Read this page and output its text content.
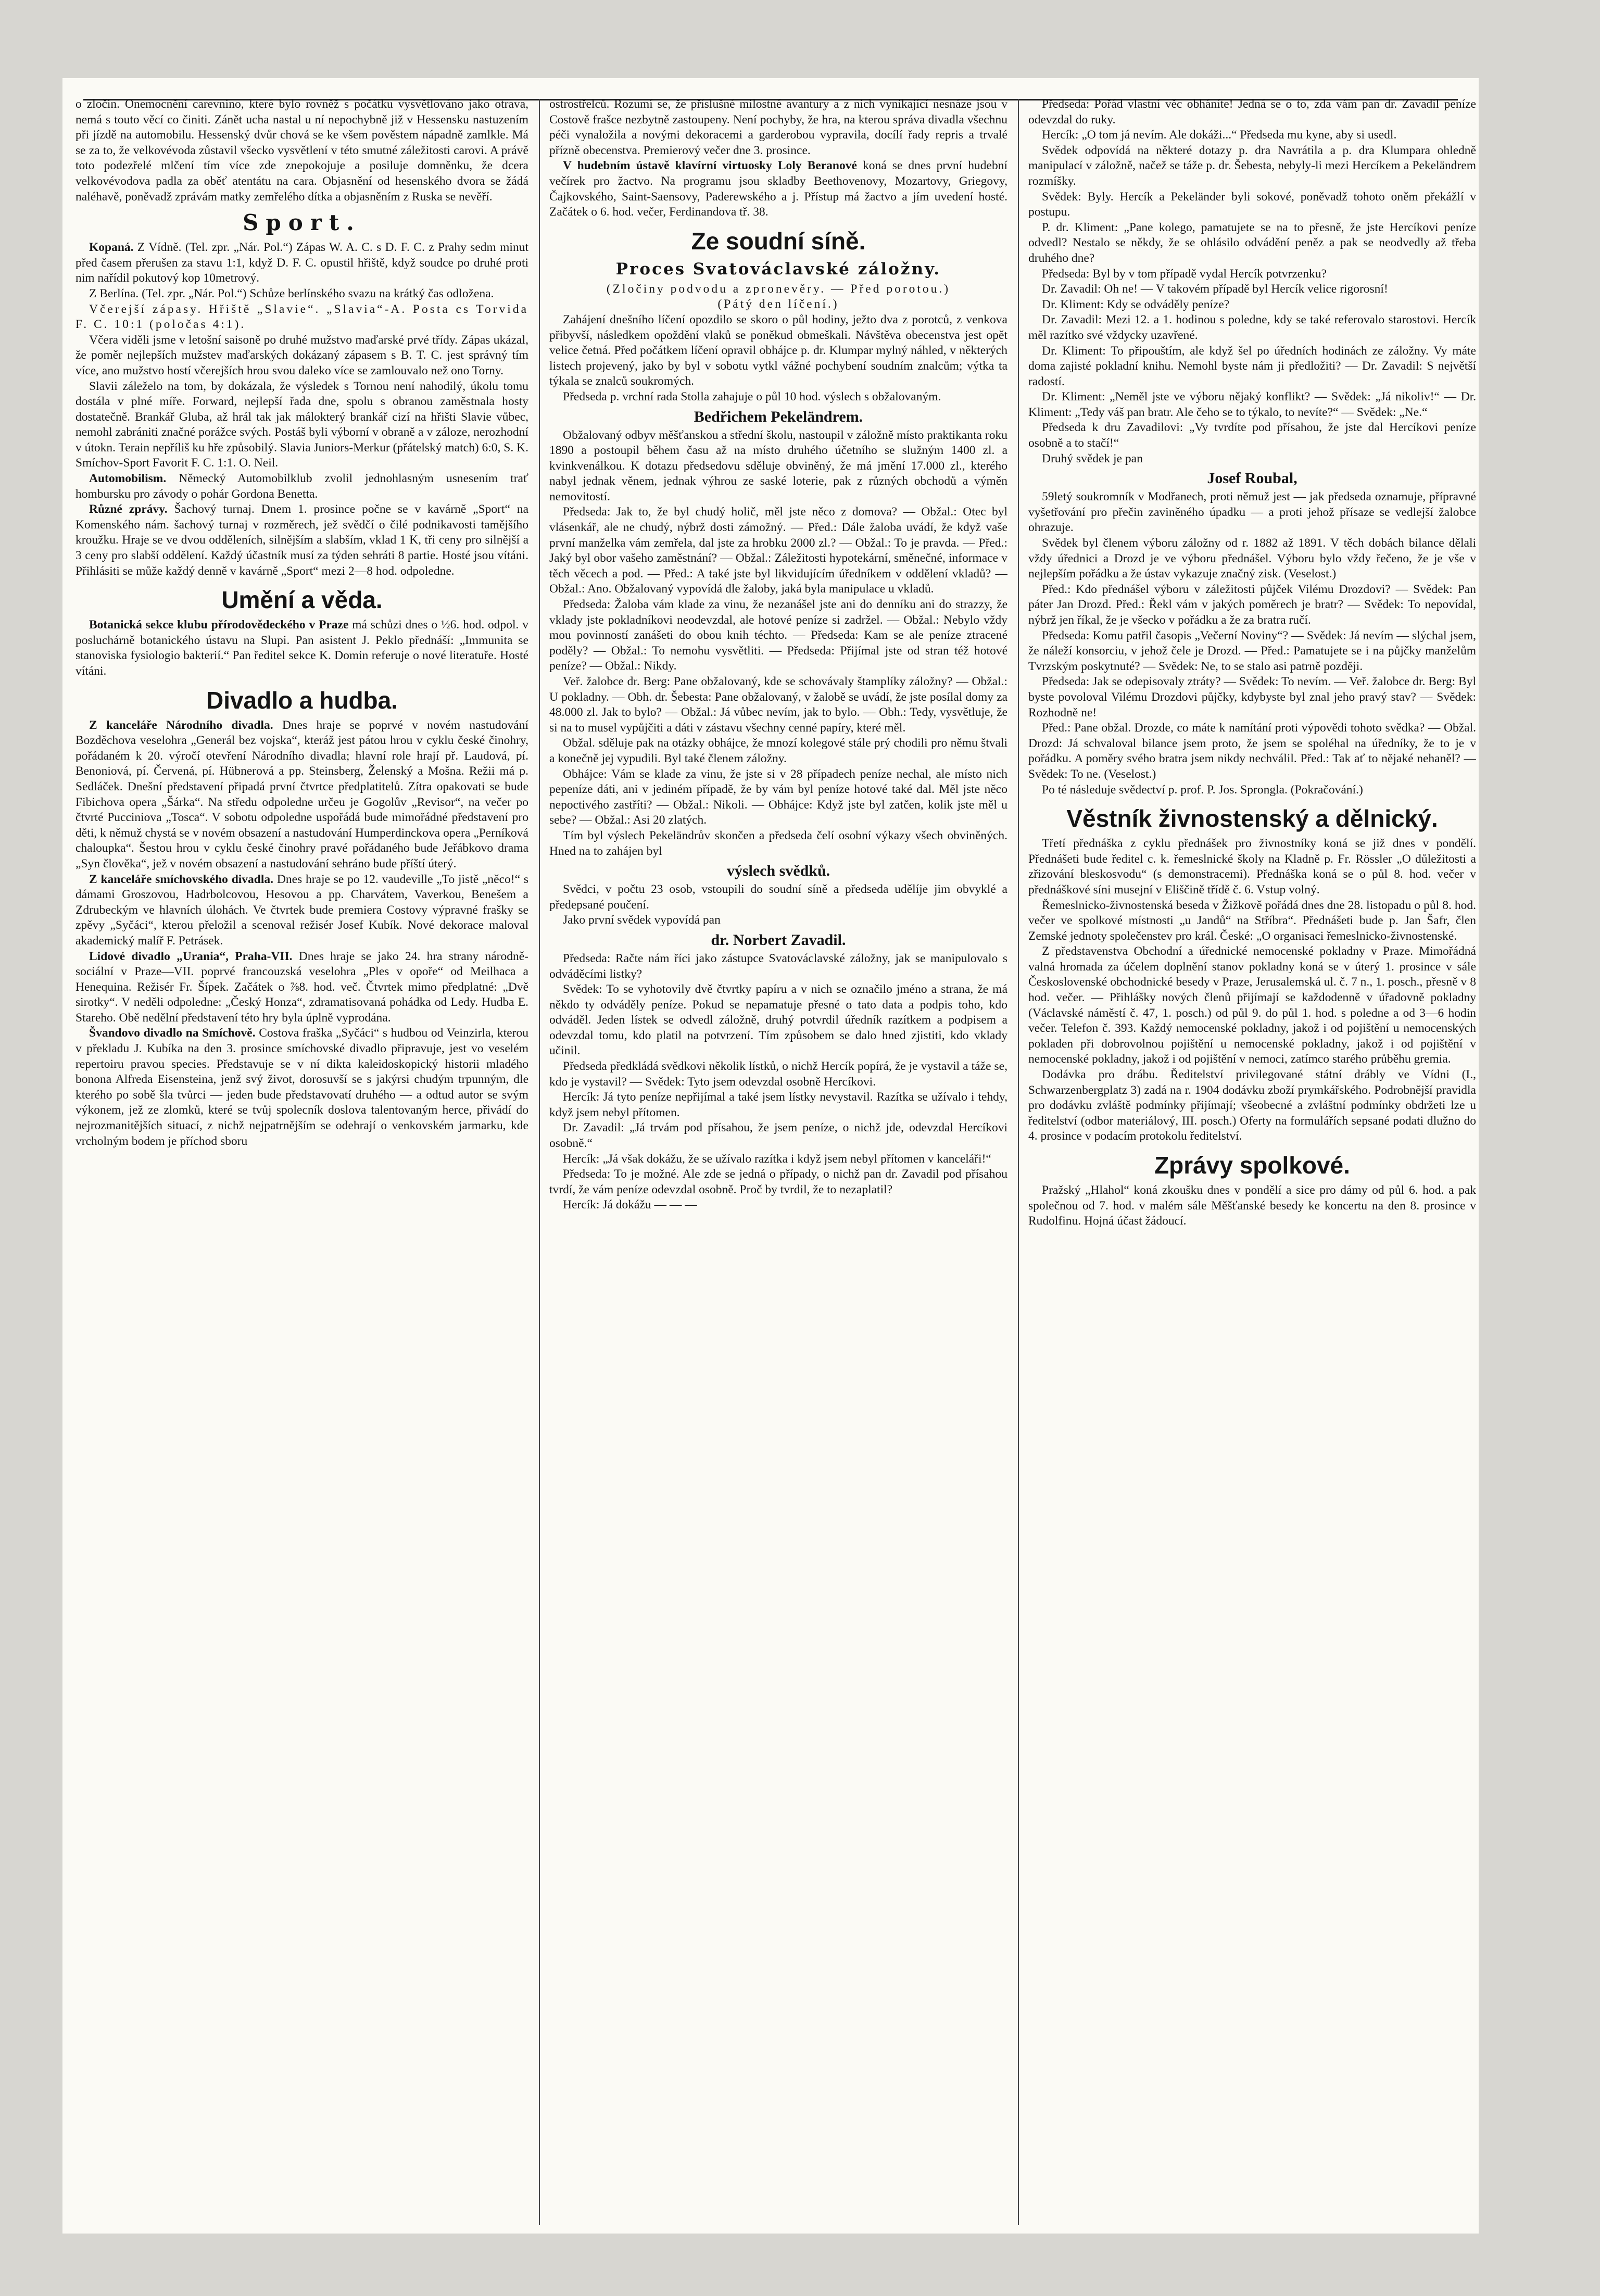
o zločin. Onemocnění carevnino, které bylo rovněž s počátku vysvětlováno jako otrava, nemá s touto věcí co činiti. Zánět ucha nastal u ní nepochybně již v Hessensku nastuzením při jízdě na automobilu. Hessenský dvůr chová se ke všem pověstem nápadně zamlkle. Má se za to, že velkovévoda zůstavil všecko vysvětlení v této smutné záležitosti carovi. A právě toto podezřelé mlčení tím více zde znepokojuje a posiluje domněnku, že dcera velkovévodova padla za oběť atentátu na cara. Objasnění od hesenského dvora se žádá naléhavě, poněvadž zprávám matky zemřelého dítka a objasněním z Ruska se nevěří.

Sport.

Kopaná. Z Vídně. (Tel. zpr. „Nár. Pol.“) Zápas W. A. C. s D. F. C. z Prahy sedm minut před časem přerušen za stavu 1:1, když D. F. C. opustil hřiště, když soudce po druhé proti nim nařídil pokutový kop 10metrový.

Z Berlína. (Tel. zpr. „Nár. Pol.“) Schůze berlínského svazu na krátký čas odložena.

Včerejší zápasy. Hřiště „Slavie“. „Slavia“-A. Posta cs Torvida F. C. 10:1 (poločas 4:1).

Včera viděli jsme v letošní saisoně po druhé mužstvo maďarské prvé třídy. Zápas ukázal, že poměr nejlepších mužstev maďarských dokázaný zápasem s B. T. C. jest správný tím více, ano mužstvo hostí včerejších hrou svou daleko více se zamlouvalo než ono Torny.

Slavii záleželo na tom, by dokázala, že výsledek s Tornou není nahodilý, úkolu tomu dostála v plné míře. Forward, nejlepší řada dne, spolu s obranou zaměstnala hosty dostatečně. Brankář Gluba, až hrál tak jak málokterý brankář cizí na hřišti Slavie vůbec, nemohl zabrániti značné porážce svých. Postáš byli výborní v obraně a v záloze, nerozhodní v útokn. Terain nepříliš ku hře způsobilý. Slavia Juniors-Merkur (přátelský match) 6:0, S. K. Smíchov-Sport Favorit F. C. 1:1. O. Neil.

Automobilism. Německý Automobilklub zvolil jednohlasným usnesením trať hombursku pro závody o pohár Gordona Benetta.

Různé zprávy. Šachový turnaj. Dnem 1. prosince počne se v kavárně „Sport“ na Komenského nám. šachový turnaj v rozměrech, jež svědčí o čilé podnikavosti tamějšího kroužku. Hraje se ve dvou odděleních, silnějším a slabším, vklad 1 K, tři ceny pro silnější a 3 ceny pro slabší oddělení. Každý účastník musí za týden sehráti 8 partie. Hosté jsou vítáni. Přihlásiti se může každý denně v kavárně „Sport“ mezi 2—8 hod. odpoledne.

Umění a věda.

Botanická sekce klubu přírodovědeckého v Praze má schůzi dnes o ½6. hod. odpol. v posluchárně botanického ústavu na Slupi. Pan asistent J. Peklo přednáší: „Immunita se stanoviska fysiologio bakterií.“ Pan ředitel sekce K. Domin referuje o nové literatuře. Hosté vítáni.

Divadlo a hudba.

Z kanceláře Národního divadla. Dnes hraje se poprvé v novém nastudování Bozděchova veselohra „Generál bez vojska“, kteráž jest pátou hrou v cyklu české činohry, pořádaném k 20. výročí otevření Národního divadla; hlavní role hrají př. Laudová, pí. Benoniová, pí. Červená, pí. Hübnerová a pp. Steinsberg, Želenský a Mošna. Režii má p. Sedláček. Dnešní představení připadá první čtvrtce předplatitelů. Zítra opakovati se bude Fibichova opera „Šárka“. Na středu odpoledne určeu je Gogolův „Revisor“, na večer po čtvrté Pucciniova „Tosca“. V sobotu odpoledne uspořádá bude mimořádné představení pro děti, k němuž chystá se v novém obsazení a nastudování Humperdinckova opera „Perníková chaloupka“. Šestou hrou v cyklu české činohry pravé pořádaného bude Jeřábkovo drama „Syn člověka“, jež v novém obsazení a nastudování sehráno bude příští úterý.

Z kanceláře smíchovského divadla. Dnes hraje se po 12. vaudeville „To jistě „něco!“ s dámami Groszovou, Hadrbolcovou, Hesovou a pp. Charvátem, Vaverkou, Benešem a Zdrubeckým ve hlavních úlohách. Ve čtvrtek bude premiera Costovy výpravné frašky se zpěvy „Syčáci“, kterou přeložil a scenoval režisér Josef Kubík. Nové dekorace maloval akademický malíř F. Petrásek.

Lidové divadlo „Urania“, Praha-VII. Dnes hraje se jako 24. hra strany národně-sociální v Praze—VII. poprvé francouzská veselohra „Ples v opoře“ od Meilhaca a Henequina. Režisér Fr. Šípek. Začátek o ⅞8. hod. več. Čtvrtek mimo předplatné: „Dvě sirotky“. V neděli odpoledne: „Český Honza“, zdramatisovaná pohádka od Ledy. Hudba E. Stareho. Obě nedělní představení této hry byla úplně vyprodána.

Švandovo divadlo na Smíchově. Costova fraška „Syčáci“ s hudbou od Veinzirla, kterou v překladu J. Kubíka na den 3. prosince smíchovské divadlo připravuje, jest vo veselém repertoiru pravou species. Představuje se v ní dikta kaleidoskopický historii mladého bonona Alfreda Eisensteina, jenž svý život, dorosuvší se s jakýrsi chudým trpunným, dle kterého po sobě šla tvůrci — jeden bude představovatí druhého — a odtud autor se svým výkonem, jež ze zlomků, které se tvůj spolecník doslova talentovaným herce, přivádí do nejrozmanitějších situací, z nichž nejpatrnějším se odehrají o venkovském jarmarku, kde vrcholným bodem je příchod sboru

ostrostřelců. Rozumí se, že příslušné milostné avantury a z nich vynikající nesnáze jsou v Costově frašce nezbytně zastoupeny. Není pochyby, že hra, na kterou správa divadla všechnu péči vynaložila a novými dekoracemi a garderobou vypravila, docílí řady repris a trvalé přízně obecenstva. Premierový večer dne 3. prosince.

V hudebním ústavě klavírní virtuosky Loly Beranové koná se dnes první hudební večírek pro žactvo. Na programu jsou skladby Beethovenovy, Mozartovy, Griegovy, Čajkovského, Saint-Saensovy, Paderewského a j. Přístup má žactvo a jím uvedení hosté. Začátek o 6. hod. večer, Ferdinandova tř. 38.

Ze soudní síně.
Proces Svatováclavské záložny.

(Zločiny podvodu a zpronevěry. — Před porotou.)

(Pátý den líčení.)

Zahájení dnešního líčení opozdilo se skoro o půl hodiny, ježto dva z porotců, z venkova přibyvší, následkem opoždění vlaků se poněkud obmeškali. Návštěva obecenstva jest opět velice četná. Před počátkem líčení opravil obhájce p. dr. Klumpar mylný náhled, v některých listech projevený, jako by byl v sobotu vytkl vážné pochybení soudním znalcům; výtka ta týkala se znalců soukromých.

Předseda p. vrchní rada Stolla zahajuje o půl 10 hod. výslech s obžalovaným.

Bedřichem Pekeländrem.

Obžalovaný odbyv měšťanskou a střední školu, nastoupil v záložně místo praktikanta roku 1890 a postoupil během času až na místo druhého účetního se služným 1400 zl. a kvinkvenálkou. K dotazu předsedovu sděluje obviněný, že má jmění 17.000 zl., kterého nabyl jednak věnem, jednak výhrou ze saské loterie, pak z různých obchodů a výměn nemovitostí.

Předseda: Jak to, že byl chudý holič, měl jste něco z domova? — Obžal.: Otec byl vlásenkář, ale ne chudý, nýbrž dosti zámožný. — Před.: Dále žaloba uvádí, že když vaše první manželka vám zemřela, dal jste za hrobku 2000 zl.? — Obžal.: To je pravda. — Před.: Jaký byl obor vašeho zaměstnání? — Obžal.: Záležitosti hypotekární, směnečné, informace v těch věcech a pod. — Před.: A také jste byl likvidujícím úředníkem v oddělení vkladů? — Obžal.: Ano. Obžalovaný vypovídá dle žaloby, jaká byla manipulace u vkladů.

Předseda: Žaloba vám klade za vinu, že nezanášel jste ani do denníku ani do strazzy, že vklady jste pokladníkovi neodevzdal, ale hotové peníze si zadržel. — Obžal.: Nebylo vždy mou povinností zanášeti do obou knih téchto. — Předseda: Kam se ale peníze ztracené poděly? — Obžal.: To nemohu vysvětliti. — Předseda: Přijímal jste od stran též hotové peníze? — Obžal.: Nikdy.

Veř. žalobce dr. Berg: Pane obžalovaný, kde se schovávaly štamplíky záložny? — Obžal.: U pokladny. — Obh. dr. Šebesta: Pane obžalovaný, v žalobě se uvádí, že jste posílal domy za 48.000 zl. Jak to bylo? — Obžal.: Já vůbec nevím, jak to bylo. — Obh.: Tedy, vysvětluje, že si na to musel vypůjčiti a dáti v zástavu všechny cenné papíry, které měl.

Obžal. sděluje pak na otázky obhájce, že mnozí kolegové stále prý chodili pro němu štvali a konečně jej vypudili. Byl také členem záložny.

Obhájce: Vám se klade za vinu, že jste si v 28 případech peníze nechal, ale místo nich pepeníze dáti, ani v jediném případě, že by vám byl peníze hotové také dal. Měl jste něco nepoctivého zastříti? — Obžal.: Nikoli. — Obhájce: Když jste byl zatčen, kolik jste měl u sebe? — Obžal.: Asi 20 zlatých.

Tím byl výslech Pekeländrův skončen a předseda čelí osobní výkazy všech obviněných. Hned na to zahájen byl

výslech svědků.

Svědci, v počtu 23 osob, vstoupili do soudní síně a předseda udělíje jim obvyklé a předepsané poučení.

Jako první svědek vypovídá pan

dr. Norbert Zavadil.

Předseda: Račte nám říci jako zástupce Svatováclavské záložny, jak se manipulovalo s odváděcími listky?

Svědek: To se vyhotovily dvě čtvrtky papíru a v nich se označilo jméno a strana, že má někdo ty odváděly peníze. Pokud se nepamatuje přesné o tato data a podpis toho, kdo odváděl. Jeden lístek se odvedl záložně, druhý potvrdil úředník razítkem a podpisem a odevzdal tomu, kdo platil na potvrzení. Tím způsobem se dalo hned zjistiti, kdo vklady učinil.

Předseda předkládá svědkovi několik lístků, o nichž Hercík popírá, že je vystavil a táže se, kdo je vystavil? — Svědek: Tyto jsem odevzdal osobně Hercíkovi.

Hercík: Já tyto peníze nepřijímal a také jsem lístky nevystavil. Razítka se užívalo i tehdy, když jsem nebyl přítomen.

Dr. Zavadil: „Já trvám pod přísahou, že jsem peníze, o nichž jde, odevzdal Hercíkovi osobně.“

Hercík: „Já však dokážu, že se užívalo razítka i když jsem nebyl přítomen v kanceláři!“

Předseda: To je možné. Ale zde se jedná o případy, o nichž pan dr. Zavadil pod přísahou tvrdí, že vám peníze odevzdal osobně. Proč by tvrdil, že to nezaplatil?

Hercík: Já dokážu — — —

Předseda: Pořád vlastní věc obháníte! Jedná se o to, zda vám pan dr. Zavadil peníze odevzdal do ruky.

Hercík: „O tom já nevím. Ale dokáži...“ Předseda mu kyne, aby si usedl.

Svědek odpovídá na některé dotazy p. dra Navrátila a p. dra Klumpara ohledně manipulací v záložně, načež se táže p. dr. Šebesta, nebyly-li mezi Hercíkem a Pekeländrem rozmíšky.

Svědek: Byly. Hercík a Pekeländer byli sokové, poněvadž tohoto oněm překážlí v postupu.

P. dr. Kliment: „Pane kolego, pamatujete se na to přesně, že jste Hercíkovi peníze odvedl? Nestalo se někdy, že se ohlásilo odvádění peněz a pak se neodvedly až třeba druhého dne?

Předseda: Byl by v tom případě vydal Hercík potvrzenku?

Dr. Zavadil: Oh ne! — V takovém případě byl Hercík velice rigorosní!

Dr. Kliment: Kdy se odváděly peníze?

Dr. Zavadil: Mezi 12. a 1. hodinou s poledne, kdy se také referovalo starostovi. Hercík měl razítko své vždycky uzavřené.

Dr. Kliment: To připouštím, ale když šel po úředních hodinách ze záložny. Vy máte doma zajisté pokladní knihu. Nemohl byste nám ji předložiti? — Dr. Zavadil: S největší radostí.

Dr. Kliment: „Neměl jste ve výboru nějaký konflikt? — Svědek: „Já nikoliv!“ — Dr. Kliment: „Tedy váš pan bratr. Ale čeho se to týkalo, to nevíte?“ — Svědek: „Ne.“

Předseda k dru Zavadilovi: „Vy tvrdíte pod přísahou, že jste dal Hercíkovi peníze osobně a to stačí!“

Druhý svědek je pan

Josef Roubal,

59letý soukromník v Modřanech, proti němuž jest — jak předseda oznamuje, přípravné vyšetřování pro přečin zaviněného úpadku — a proti jehož přísaze se vedlejší žalobce ohrazuje.

Svědek byl členem výboru záložny od r. 1882 až 1891. V těch dobách bilance dělali vždy úřednici a Drozd je ve výboru přednášel. Výboru bylo vždy řečeno, že je vše v nejlepším pořádku a že ústav vykazuje značný zisk. (Veselost.)

Před.: Kdo přednášel výboru v záležitosti půjček Vilému Drozdovi? — Svědek: Pan páter Jan Drozd. Před.: Řekl vám v jakých poměrech je bratr? — Svědek: To nepovídal, nýbrž jen říkal, že je všecko v pořádku a že za bratra ručí.

Předseda: Komu patřil časopis „Večerní Noviny“? — Svědek: Já nevím — slýchal jsem, že náleží konsorciu, v jehož čele je Drozd. — Před.: Pamatujete se i na půjčky manželům Tvrzským poskytnuté? — Svědek: Ne, to se stalo asi patrně později.

Předseda: Jak se odepisovaly ztráty? — Svědek: To nevím. — Veř. žalobce dr. Berg: Byl byste povoloval Vilému Drozdovi půjčky, kdybyste byl znal jeho pravý stav? — Svědek: Rozhodně ne!

Před.: Pane obžal. Drozde, co máte k namítání proti výpovědi tohoto svědka? — Obžal. Drozd: Já schvaloval bilance jsem proto, že jsem se spoléhal na úředníky, že to je v pořádku. A poměry svého bratra jsem nikdy nechválil. Před.: Tak ať to nějaké nehaněl? — Svědek: To ne. (Veselost.)

Po té následuje svědectví p. prof. P. Jos. Sprongla. (Pokračování.)

Věstník živnostenský a dělnický.

Třetí přednáška z cyklu přednášek pro živnostníky koná se již dnes v pondělí. Přednášeti bude ředitel c. k. řemeslnické školy na Kladně p. Fr. Rössler „O důležitosti a zřizování bleskosvodu“ (s demonstracemi). Přednáška koná se o půl 8. hod. večer v přednáškové síni musejní v Eliščině třídě č. 6. Vstup volný.

Řemeslnicko-živnostenská beseda v Žižkově pořádá dnes dne 28. listopadu o půl 8. hod. večer ve spolkové místnosti „u Jandů“ na Stříbra“. Přednášeti bude p. Jan Šafr, člen Zemské jednoty společenstev pro král. České: „O organisaci řemeslnicko-živnostenské.

Z představenstva Obchodní a úřednické nemocenské pokladny v Praze. Mimořádná valná hromada za účelem doplnění stanov pokladny koná se v úterý 1. prosince v sále Československé obchodnické besedy v Praze, Jerusalemská ul. č. 7 n., 1. posch., přesně v 8 hod. večer. — Přihlášky nových členů přijímají se každodenně v úřadovně pokladny (Václavské náměstí č. 47, 1. posch.) od půl 9. do půl 1. hod. s poledne a od 3—6 hodin večer. Telefon č. 393. Každý nemocenské pokladny, jakož i od pojištění u nemocenských pokladen při dobrovolnou pojištění u nemocenské pokladny, jakož i od pojištění v nemocenské pokladny, jakož i od pojištění v nemoci, zatímco starého průběhu gremia.

Dodávka pro drábu. Ředitelství privilegované státní drábly ve Vídni (I., Schwarzenbergplatz 3) zadá na r. 1904 dodávku zboží prymkářského. Podrobnější pravidla pro dodávku zvláště podmínky přijímají; všeobecné a zvláštní podmínky obdržeti lze u ředitelství (odbor materiálový, III. posch.) Oferty na formulářích sepsané podati dlužno do 4. prosince v podacím protokolu ředitelství.

Zprávy spolkové.

Pražský „Hlahol“ koná zkoušku dnes v pondělí a sice pro dámy od půl 6. hod. a pak společnou od 7. hod. v malém sále Měšťanské besedy ke koncertu na den 8. prosince v Rudolfinu. Hojná účast žádoucí.
